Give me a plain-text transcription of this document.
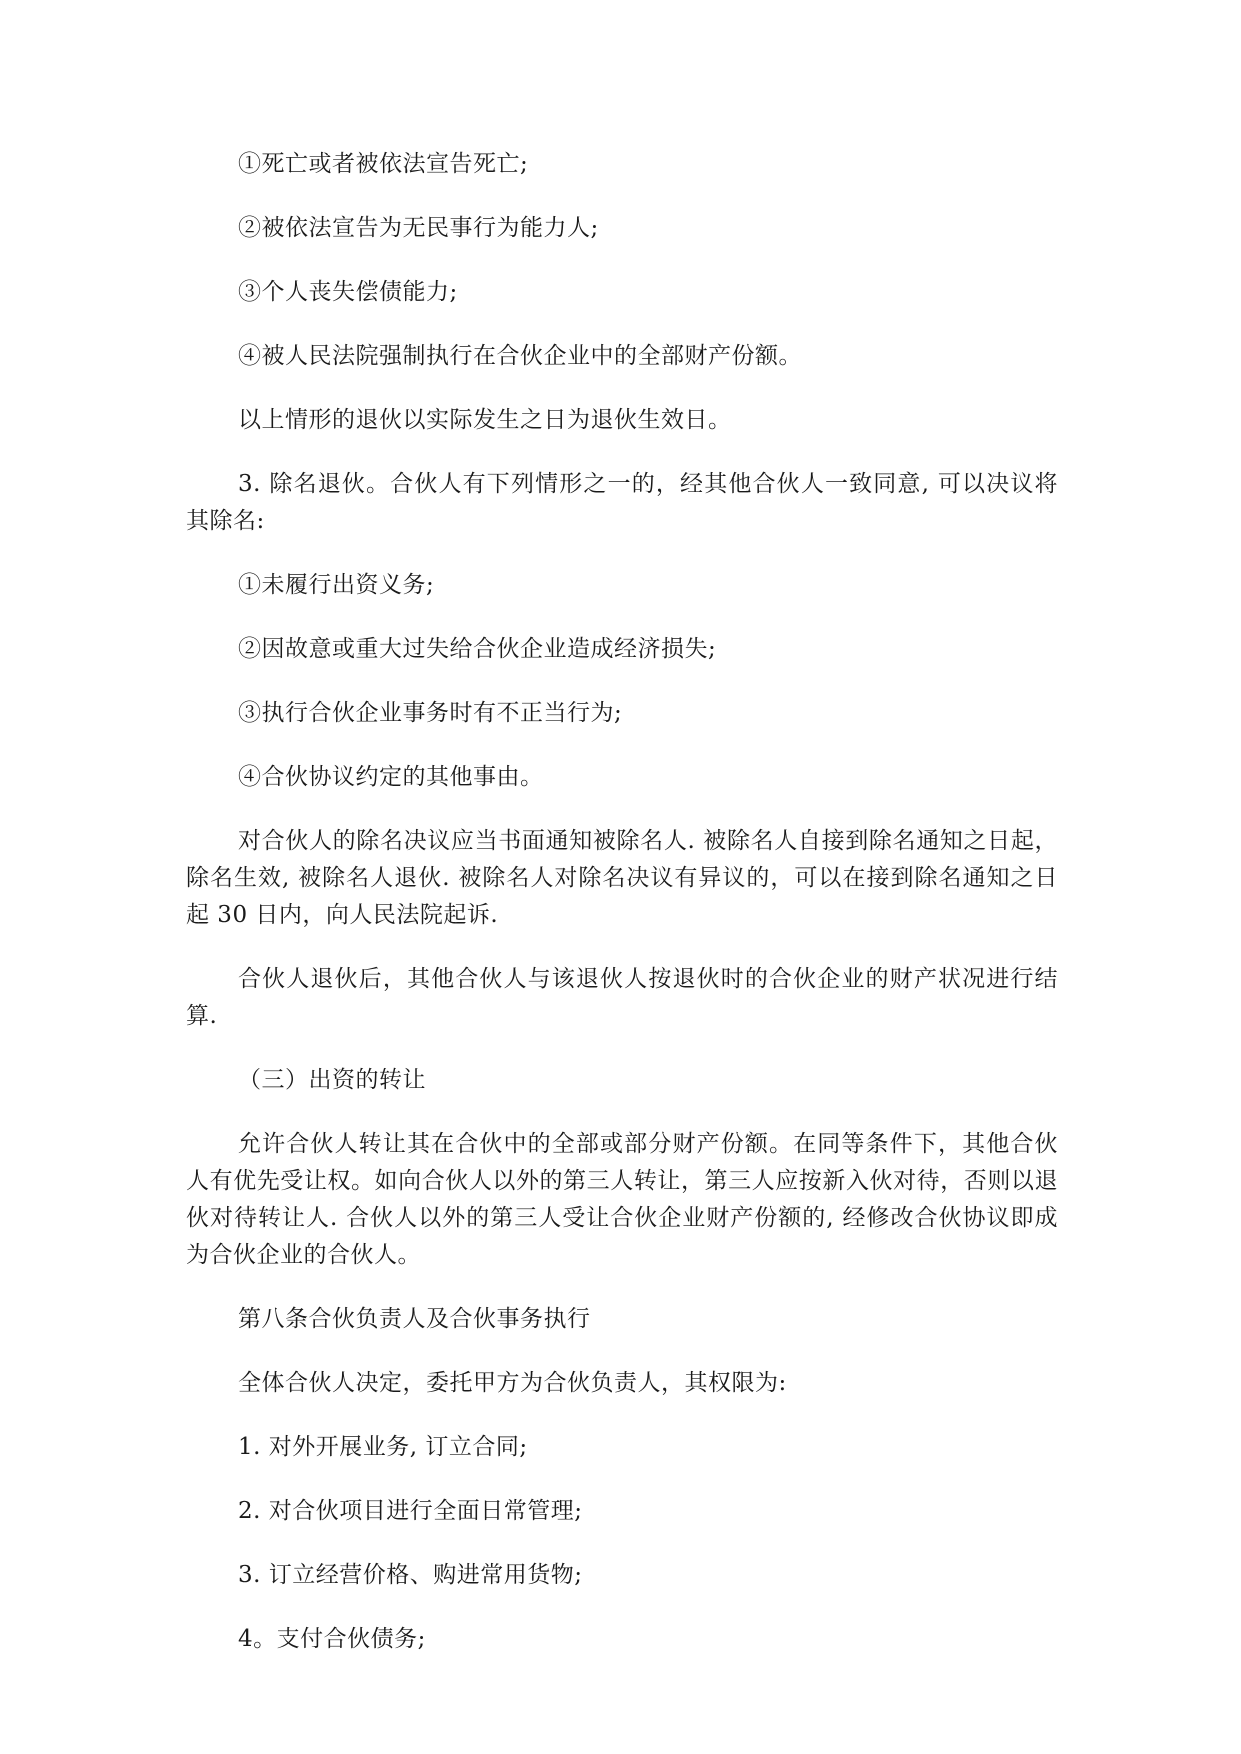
①死亡或者被依法宣告死亡;

②被依法宣告为无民事行为能力人;

③个人丧失偿债能力;

④被人民法院强制执行在合伙企业中的全部财产份额。

以上情形的退伙以实际发生之日为退伙生效日。

3. 除名退伙。合伙人有下列情形之一的，经其他合伙人一致同意, 可以决议将其除名:

①未履行出资义务;

②因故意或重大过失给合伙企业造成经济损失;

③执行合伙企业事务时有不正当行为;

④合伙协议约定的其他事由。

对合伙人的除名决议应当书面通知被除名人. 被除名人自接到除名通知之日起，除名生效, 被除名人退伙. 被除名人对除名决议有异议的，可以在接到除名通知之日起 30 日内，向人民法院起诉.

合伙人退伙后，其他合伙人与该退伙人按退伙时的合伙企业的财产状况进行结算.

（三）出资的转让

允许合伙人转让其在合伙中的全部或部分财产份额。在同等条件下，其他合伙人有优先受让权。如向合伙人以外的第三人转让，第三人应按新入伙对待，否则以退伙对待转让人. 合伙人以外的第三人受让合伙企业财产份额的, 经修改合伙协议即成为合伙企业的合伙人。

第八条合伙负责人及合伙事务执行

全体合伙人决定，委托甲方为合伙负责人，其权限为:

1. 对外开展业务, 订立合同;

2. 对合伙项目进行全面日常管理;

3. 订立经营价格、购进常用货物;

4。支付合伙债务;
